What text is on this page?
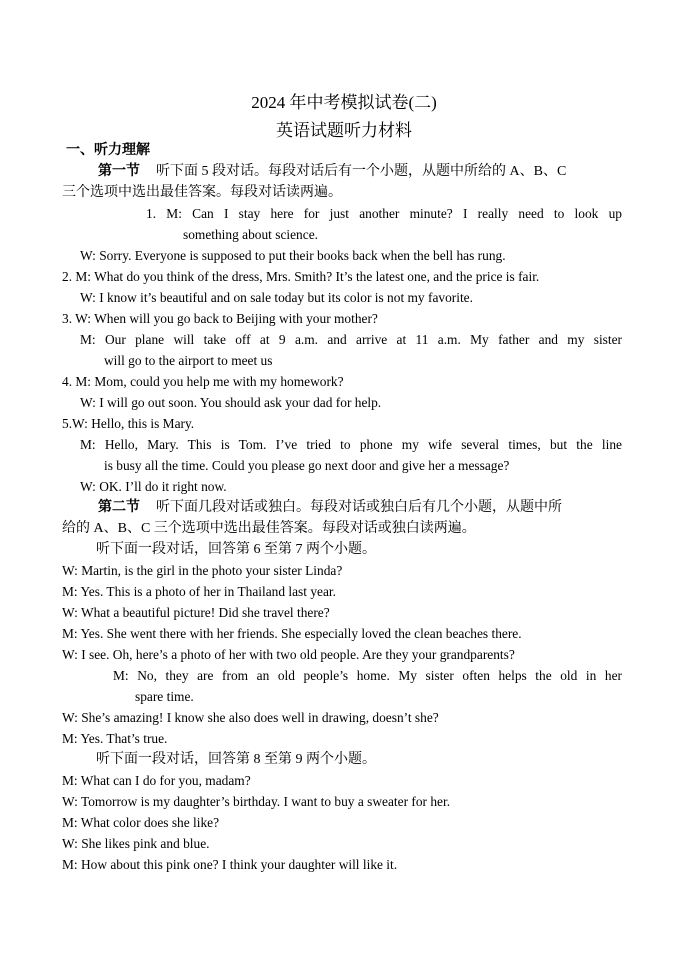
2024 年中考模拟试卷(二)
英语试题听力材料
一、听力理解
第一节 听下面 5 段对话。每段对话后有一个小题，从题中所给的 A、B、C
三个选项中选出最佳答案。每段对话读两遍。
1. M: Can I stay here for just another minute? I really need to look up
something about science.
W: Sorry. Everyone is supposed to put their books back when the bell has rung.
2. M: What do you think of the dress, Mrs. Smith? It’s the latest one, and the price is fair.
W: I know it’s beautiful and on sale today but its color is not my favorite.
3. W: When will you go back to Beijing with your mother?
M: Our plane will take off at 9 a.m. and arrive at 11 a.m. My father and my sister
will go to the airport to meet us
4. M: Mom, could you help me with my homework?
W: I will go out soon. You should ask your dad for help.
5.W: Hello, this is Mary.
M: Hello, Mary. This is Tom. I’ve tried to phone my wife several times, but the line
is busy all the time. Could you please go next door and give her a message?
W: OK. I’ll do it right now.
第二节 听下面几段对话或独白。每段对话或独白后有几个小题，从题中所
给的 A、B、C 三个选项中选出最佳答案。每段对话或独白读两遍。
听下面一段对话，回答第 6 至第 7 两个小题。
W: Martin, is the girl in the photo your sister Linda?
M: Yes. This is a photo of her in Thailand last year.
W: What a beautiful picture! Did she travel there?
M: Yes. She went there with her friends. She especially loved the clean beaches there.
W: I see. Oh, here’s a photo of her with two old people. Are they your grandparents?
M: No, they are from an old people’s home. My sister often helps the old in her
spare time.
W: She’s amazing! I know she also does well in drawing, doesn’t she?
M: Yes. That’s true.
听下面一段对话，回答第 8 至第 9 两个小题。
M: What can I do for you, madam?
W: Tomorrow is my daughter’s birthday. I want to buy a sweater for her.
M: What color does she like?
W: She likes pink and blue.
M: How about this pink one? I think your daughter will like it.
